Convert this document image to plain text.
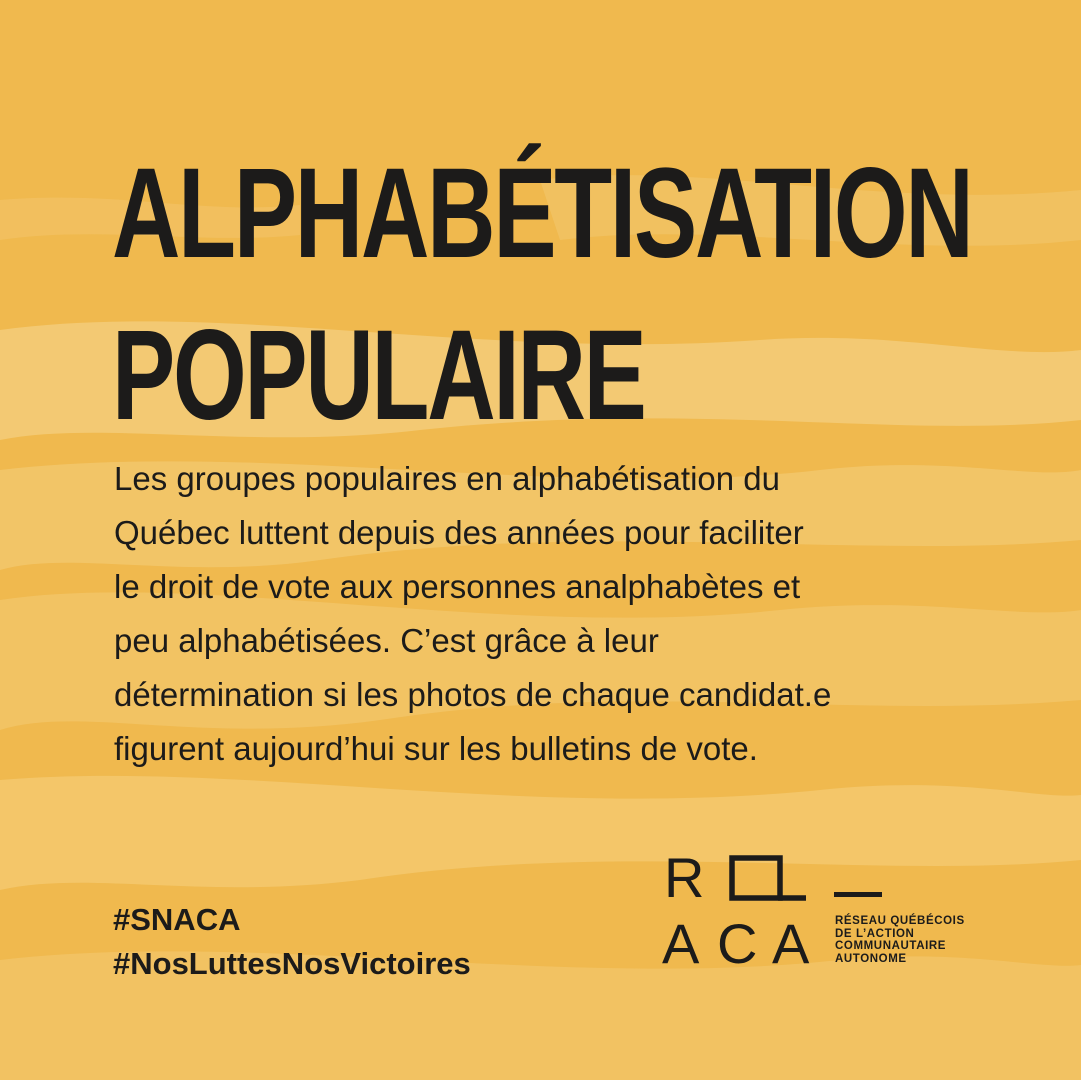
ALPHABÉTISATION
POPULAIRE

Les groupes populaires en alphabétisation du
Québec luttent depuis des années pour faciliter
le droit de vote aux personnes analphabètes et
peu alphabétisées. C’est grâce à leur
détermination si les photos de chaque candidat.e
figurent aujourd’hui sur les bulletins de vote.

#SNACA
#NosLuttesNosVictoires
R
A C A RÉSEAU QUÉBÉCOIS
DE L’ACTION
COMMUNAUTAIRE
AUTONOME
